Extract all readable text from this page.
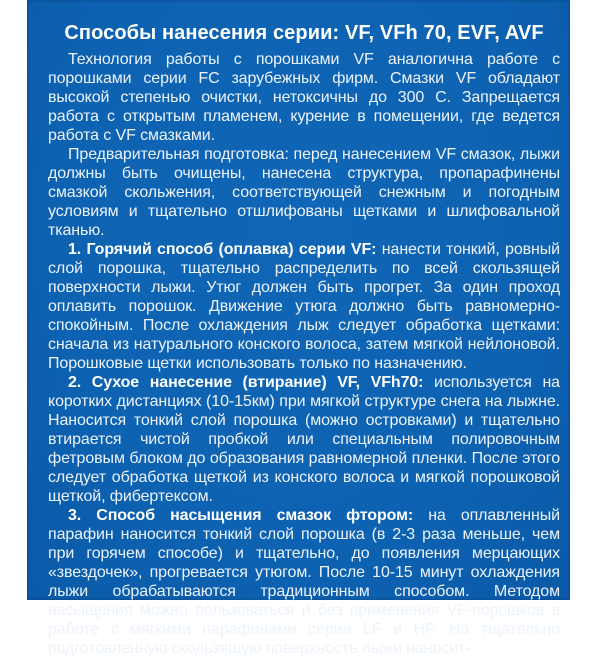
Способы нанесения серии: VF, VFh 70, EVF, AVF

Технология работы с порошками VF аналогична работе с порошками серии FC зарубежных фирм. Смазки VF обладают высокой степенью очистки, нетоксичны до 300 С. Запрещается работа с открытым пламенем, курение в помещении, где ведется работа с VF смазками.

Предварительная подготовка: перед нанесением VF смазок, лыжи должны быть очищены, нанесена структура, пропарафинены смазкой скольжения, соответствующей снежным и погодным условиям и тщательно отшлифованы щетками и шлифовальной тканью.

1. Горячий способ (оплавка) серии VF: нанести тонкий, ровный слой порошка, тщательно распределить по всей скользящей поверхности лыжи. Утюг должен быть прогрет. За один проход оплавить порошок. Движение утюга должно быть равномерно-спокойным. После охлаждения лыж следует обработка щетками: сначала из натурального конского волоса, затем мягкой нейлоновой. Порошковые щетки использовать только по назначению.

2. Сухое нанесение (втирание) VF, VFh70: используется на коротких дистанциях (10-15км) при мягкой структуре снега на лыжне. Наносится тонкий слой порошка (можно островками) и тщательно втирается чистой пробкой или специальным полировочным фетровым блоком до образования равномерной пленки. После этого следует обработка щеткой из конского волоса и мягкой порошковой щеткой, фибертексом.

3. Способ насыщения смазок фтором: на оплавленный парафин наносится тонкий слой порошка (в 2-3 раза меньше, чем при горячем способе) и тщательно, до появления мерцающих «звездочек», прогревается утюгом. После 10-15 минут охлаждения лыжи обрабатываются традиционным способом. Методом насыщения можно пользоваться и без применения VF-порошков в работе с мягкими парафинами серии LF и HF. На тщательно подготовленную скользящую поверхность лыжи наносит-
